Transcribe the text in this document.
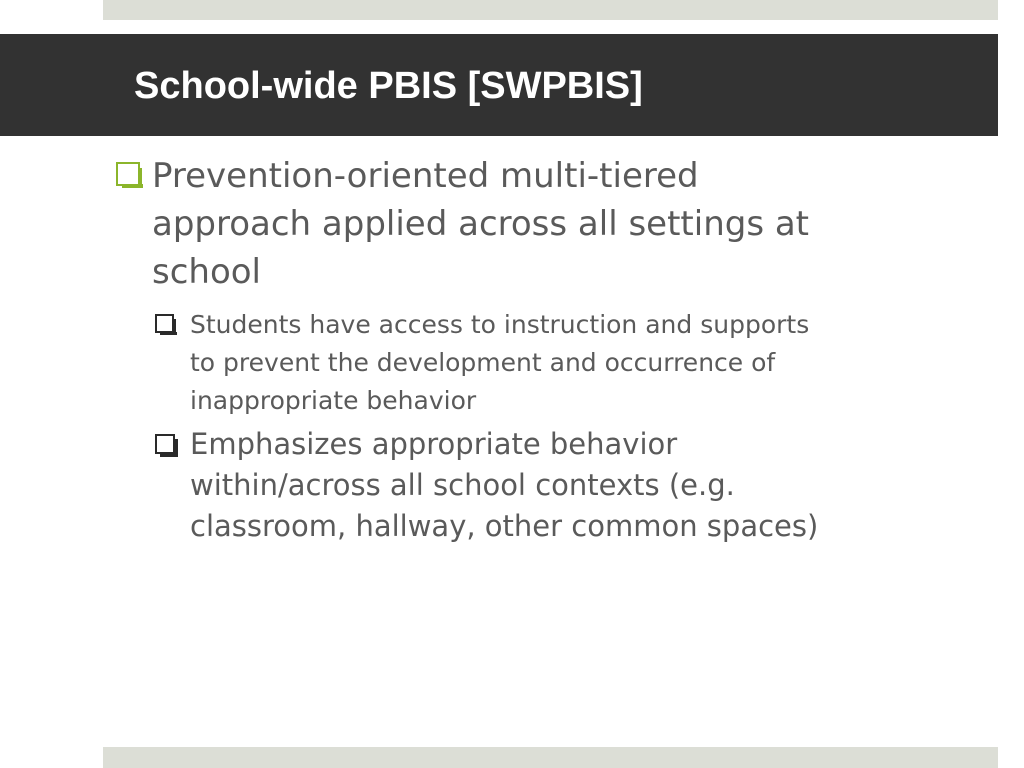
School-wide PBIS [SWPBIS]
Prevention-oriented multi-tiered
approach applied across all settings at
school
Students have access to instruction and supports
to prevent the development and occurrence of
inappropriate behavior
Emphasizes appropriate behavior
within/across all school contexts (e.g.
classroom, hallway, other common spaces)
